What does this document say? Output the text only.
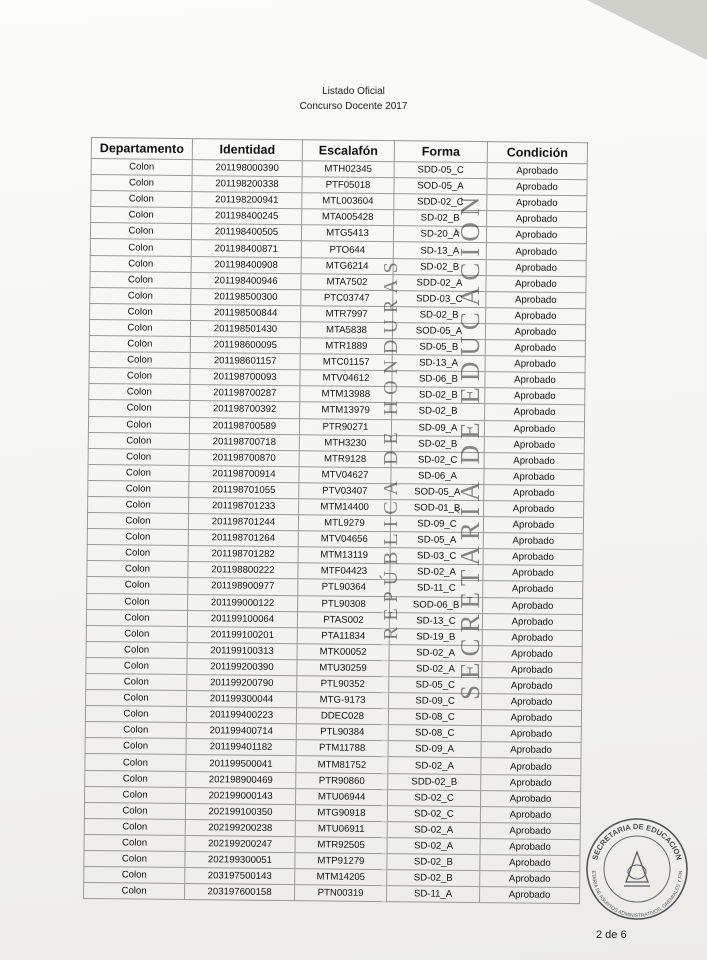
Listado Oficial
Concurso Docente 2017
Departamento	Identidad	Escalafón	Forma	Condición
Colon	201198000390	MTH02345	SDD-05_C	Aprobado
Colon	201198200338	PTF05018	SOD-05_A	Aprobado
Colon	201198200941	MTL003604	SDD-02_C	Aprobado
Colon	201198400245	MTA005428	SD-02_B	Aprobado
Colon	201198400505	MTG5413	SD-20_A	Aprobado
Colon	201198400871	PTO644	SD-13_A	Aprobado
Colon	201198400908	MTG6214	SD-02_B	Aprobado
Colon	201198400946	MTA7502	SDD-02_A	Aprobado
Colon	201198500300	PTC03747	SDD-03_C	Aprobado
Colon	201198500844	MTR7997	SD-02_B	Aprobado
Colon	201198501430	MTA5838	SOD-05_A	Aprobado
Colon	201198600095	MTR1889	SD-05_B	Aprobado
Colon	201198601157	MTC01157	SD-13_A	Aprobado
Colon	201198700093	MTV04612	SD-06_B	Aprobado
Colon	201198700287	MTM13988	SD-02_B	Aprobado
Colon	201198700392	MTM13979	SD-02_B	Aprobado
Colon	201198700589	PTR90271	SD-09_A	Aprobado
Colon	201198700718	MTH3230	SD-02_B	Aprobado
Colon	201198700870	MTR9128	SD-02_C	Aprobado
Colon	201198700914	MTV04627	SD-06_A	Aprobado
Colon	201198701055	PTV03407	SOD-05_A	Aprobado
Colon	201198701233	MTM14400	SOD-01_B	Aprobado
Colon	201198701244	MTL9279	SD-09_C	Aprobado
Colon	201198701264	MTV04656	SD-05_A	Aprobado
Colon	201198701282	MTM13119	SD-03_C	Aprobado
Colon	201198800222	MTF04423	SD-02_A	Aprobado
Colon	201198900977	PTL90364	SD-11_C	Aprobado
Colon	201199000122	PTL90308	SOD-06_B	Aprobado
Colon	201199100064	PTAS002	SD-13_C	Aprobado
Colon	201199100201	PTA11834	SD-19_B	Aprobado
Colon	201199100313	MTK00052	SD-02_A	Aprobado
Colon	201199200390	MTU30259	SD-02_A	Aprobado
Colon	201199200790	PTL90352	SD-05_C	Aprobado
Colon	201199300044	MTG-9173	SD-09_C	Aprobado
Colon	201199400223	DDEC028	SD-08_C	Aprobado
Colon	201199400714	PTL90384	SD-08_C	Aprobado
Colon	201199401182	PTM11788	SD-09_A	Aprobado
Colon	201199500041	MTM81752	SD-02_A	Aprobado
Colon	202198900469	PTR90860	SDD-02_B	Aprobado
Colon	202199000143	MTU06944	SD-02_C	Aprobado
Colon	202199100350	MTG90918	SD-02_C	Aprobado
Colon	202199200238	MTU06911	SD-02_A	Aprobado
Colon	202199200247	MTR92505	SD-02_A	Aprobado
Colon	202199300051	MTP91279	SD-02_B	Aprobado
Colon	203197500143	MTM14205	SD-02_B	Aprobado
Colon	203197600158	PTN00319	SD-11_A	Aprobado
REPÚBLICA DE HONDURAS SECRETARÍA DE EDUCACIÓN
SECRETARIA DE EDUCACION
ETARIA DE ASUNTOS ADMINISTRATIVOS, GREMIALES Y FIN
2 de 6
